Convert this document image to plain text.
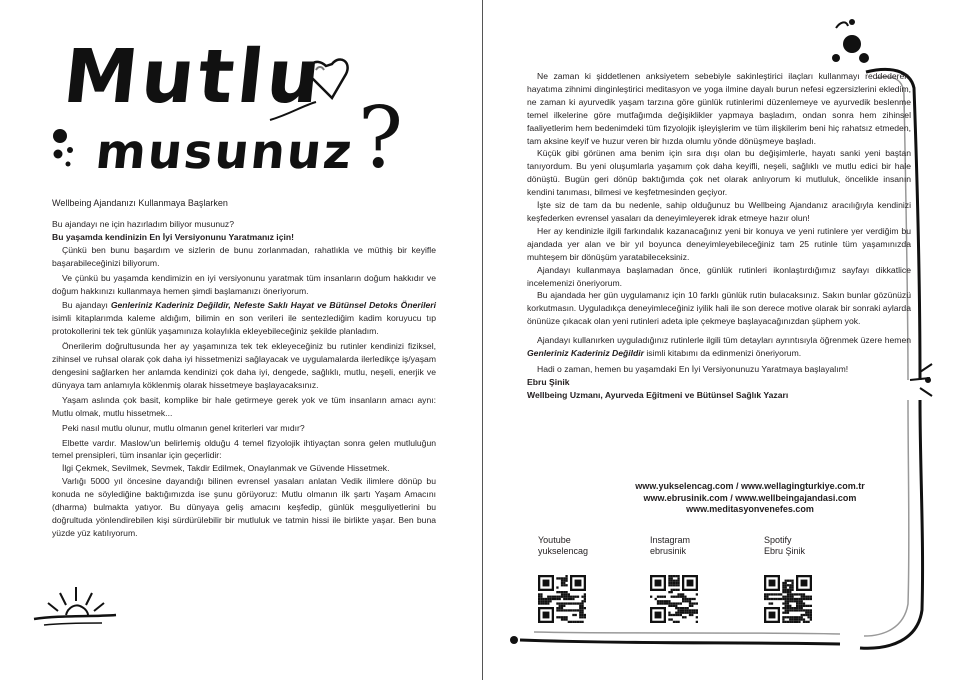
Mutlu
musunuz ?
Wellbeing Ajandanızı Kullanmaya Başlarken

Bu ajandayı ne için hazırladım biliyor musunuz?

Bu yaşamda kendinizin En İyi Versiyonunu Yaratmanız için!

Çünkü ben bunu başardım ve sizlerin de bunu zorlanmadan, rahatlıkla ve müthiş bir keyifle başarabileceğinizi biliyorum.

Ve çünkü bu yaşamda kendimizin en iyi versiyonunu yaratmak tüm insanların doğum hakkıdır ve doğum hakkınızı kullanmaya hemen şimdi başlamanızı öneriyorum.

Bu ajandayı Genleriniz Kaderiniz Değildir, Nefeste Saklı Hayat ve Bütünsel Detoks Önerileri isimli kitaplarımda kaleme aldığım, bilimin en son verileri ile sentezlediğim kadim koruyucu tıp protokollerini tek tek günlük yaşamınıza kolaylıkla ekleyebileceğiniz şekilde planladım.

Önerilerim doğrultusunda her ay yaşamınıza tek tek ekleyeceğiniz bu rutinler kendinizi fiziksel, zihinsel ve ruhsal olarak çok daha iyi hissetmenizi sağlayacak ve uygulamalarda ilerledikçe iş/yaşam dengesini sağlarken her anlamda kendinizi çok daha iyi, dengede, sağlıklı, mutlu, neşeli, enerjik ve dünyaya tam anlamıyla köklenmiş olarak hissetmeye başlayacaksınız.

Yaşam aslında çok basit, komplike bir hale getirmeye gerek yok ve tüm insanların amacı aynı: Mutlu olmak, mutlu hissetmek...

Peki nasıl mutlu olunur, mutlu olmanın genel kriterleri var mıdır?

Elbette vardır. Maslow'un belirlemiş olduğu 4 temel fizyolojik ihtiyaçtan sonra gelen mutluluğun temel prensipleri, tüm insanlar için geçerlidir:

İlgi Çekmek, Sevilmek, Sevmek, Takdir Edilmek, Onaylanmak ve Güvende Hissetmek.

Varlığı 5000 yıl öncesine dayandığı bilinen evrensel yasaları anlatan Vedik ilimlere dönüp bu konuda ne söylediğine baktığımızda ise şunu görüyoruz: Mutlu olmanın ilk şartı Yaşam Amacını (dharma) bulmakta yatıyor. Bu dünyaya geliş amacını keşfedip, günlük meşguliyetlerini bu doğrultuda yönlendirebilen kişi sürdürülebilir bir mutluluk ve tatmin hissi ile birlikte yaşar. Ben buna yüzde yüz katılıyorum.

Ne zaman ki şiddetlenen anksiyetem sebebiyle sakinleştirici ilaçları kullanmayı reddederek, hayatıma zihnimi dinginleştirici meditasyon ve yoga ilmine dayalı burun nefesi egzersizlerini ekledim, ne zaman ki ayurvedik yaşam tarzına göre günlük rutinlerimi düzenlemeye ve ayurvedik beslenme temel ilkelerine göre mutfağımda değişiklikler yapmaya başladım, ondan sonra hem zihinsel faaliyetlerim hem bedenimdeki tüm fizyolojik işleyişlerim ve tüm ilişkilerim beni hiç rahatsız etmeden, tam aksine keyif ve huzur veren bir hızda olumlu yönde dönüşmeye başladı.

Küçük gibi görünen ama benim için sıra dışı olan bu değişimlerle, hayatı sanki yeni baştan tanıyordum. Bu yeni oluşumlarla yaşamım çok daha keyifli, neşeli, sağlıklı ve mutlu edici bir hale dönüştü. Bugün geri dönüp baktığımda çok net olarak anlıyorum ki mutluluk, öncelikle insanın kendini tanıması, bilmesi ve keşfetmesinden geçiyor.

İşte siz de tam da bu nedenle, sahip olduğunuz bu Wellbeing Ajandanız aracılığıyla kendinizi keşfederken evrensel yasaları da deneyimleyerek idrak etmeye hazır olun!

Her ay kendinizle ilgili farkındalık kazanacağınız yeni bir konuya ve yeni rutinlere yer verdiğim bu ajandada yer alan ve bir yıl boyunca deneyimleyebileceğiniz tam 25 rutinle tüm yaşamınızda muhteşem bir dönüşüm yaratabileceksiniz.

Ajandayı kullanmaya başlamadan önce, günlük rutinleri ikonlaştırdığımız sayfayı dikkatlice incelemenizi öneriyorum.

Bu ajandada her gün uygulamanız için 10 farklı günlük rutin bulacaksınız. Sakın bunlar gözünüzü korkutmasın. Uyguladıkça deneyimleceğiniz iyilik hali ile son derece motive olarak bir sonraki aylarda önünüze çıkacak olan yeni rutinleri adeta iple çekmeye başlayacağınızdan şüphem yok.

Ajandayı kullanırken uyguladığınız rutinlerle ilgili tüm detayları ayrıntısıyla öğrenmek üzere hemen Genleriniz Kaderiniz Değildir isimli kitabımı da edinmenizi öneriyorum.

Hadi o zaman, hemen bu yaşamdaki En İyi Versiyonunuzu Yaratmaya başlayalım!

Ebru Şinik

Wellbeing Uzmanı, Ayurveda Eğitmeni ve Bütünsel Sağlık Yazarı

www.yukselencag.com / www.wellagingturkiye.com.tr
www.ebrusinik.com / www.wellbeingajandasi.com
www.meditasyonvenefes.com
Youtube
yukselencag
Instagram
ebrusinik
Spotify
Ebru Şinik
